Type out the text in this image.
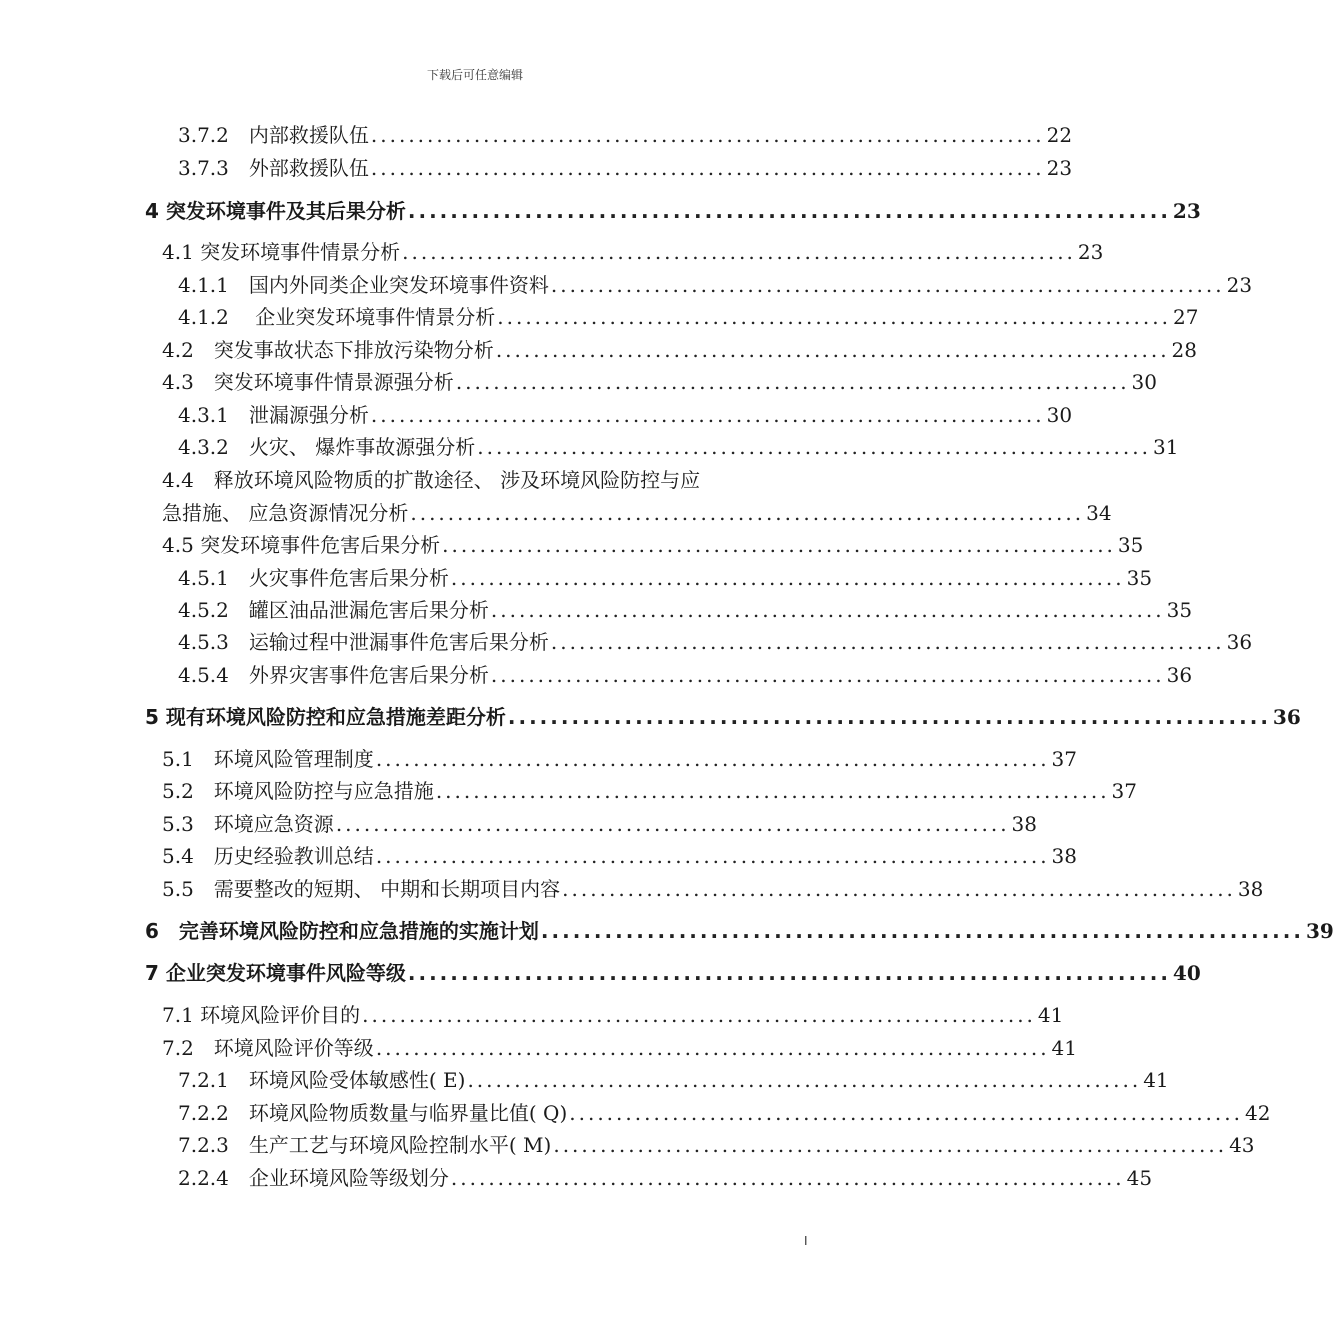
下载后可任意编辑
3.7.2　内部救援队伍 ........................................................................ 22
3.7.3　外部救援队伍 ........................................................................ 23
4 突发环境事件及其后果分析 ........................................................................ 23
4.1 突发环境事件情景分析 ........................................................................ 23
4.1.1　国内外同类企业突发环境事件资料 ........................................................................ 23
4.1.2　 企业突发环境事件情景分析 ........................................................................ 27
4.2　突发事故状态下排放污染物分析 ........................................................................ 28
4.3　突发环境事件情景源强分析 ........................................................................ 30
4.3.1　泄漏源强分析 ........................................................................ 30
4.3.2　火灾、 爆炸事故源强分析 ........................................................................ 31
4.4　释放环境风险物质的扩散途径、 涉及环境风险防控与应
急措施、 应急资源情况分析 ........................................................................ 34
4.5 突发环境事件危害后果分析 ........................................................................ 35
4.5.1　火灾事件危害后果分析 ........................................................................ 35
4.5.2　罐区油品泄漏危害后果分析 ........................................................................ 35
4.5.3　运输过程中泄漏事件危害后果分析 ........................................................................ 36
4.5.4　外界灾害事件危害后果分析 ........................................................................ 36
5 现有环境风险防控和应急措施差距分析 ........................................................................ 36
5.1　环境风险管理制度 ........................................................................ 37
5.2　环境风险防控与应急措施 ........................................................................ 37
5.3　环境应急资源 ........................................................................ 38
5.4　历史经验教训总结 ........................................................................ 38
5.5　需要整改的短期、 中期和长期项目内容 ........................................................................ 38
6　完善环境风险防控和应急措施的实施计划 ........................................................................ 39
7 企业突发环境事件风险等级 ........................................................................ 40
7.1 环境风险评价目的 ........................................................................ 41
7.2　环境风险评价等级 ........................................................................ 41
7.2.1　环境风险受体敏感性( E) ........................................................................ 41
7.2.2　环境风险物质数量与临界量比值( Q) ........................................................................ 42
7.2.3　生产工艺与环境风险控制水平( M) ........................................................................ 43
2.2.4　企业环境风险等级划分 ........................................................................ 45
I
